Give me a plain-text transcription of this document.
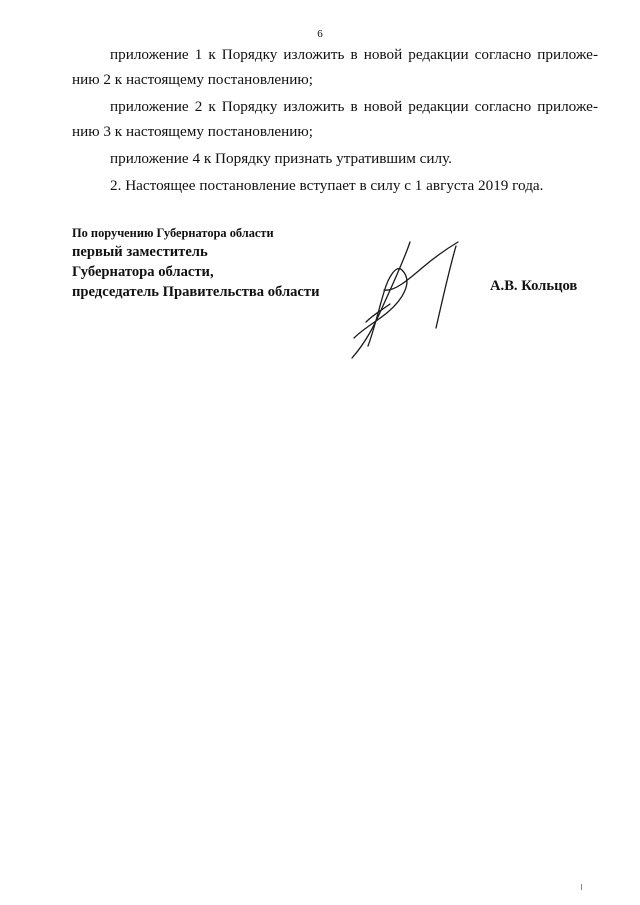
6

приложение 1 к Порядку изложить в новой редакции согласно приложению 2 к настоящему постановлению;

приложение 2 к Порядку изложить в новой редакции согласно приложению 3 к настоящему постановлению;

приложение 4 к Порядку признать утратившим силу.

2. Настоящее постановление вступает в силу с 1 августа 2019 года.

По поручению Губернатора области
первый заместитель
Губернатора области,
председатель Правительства области	А.В. Кольцов
